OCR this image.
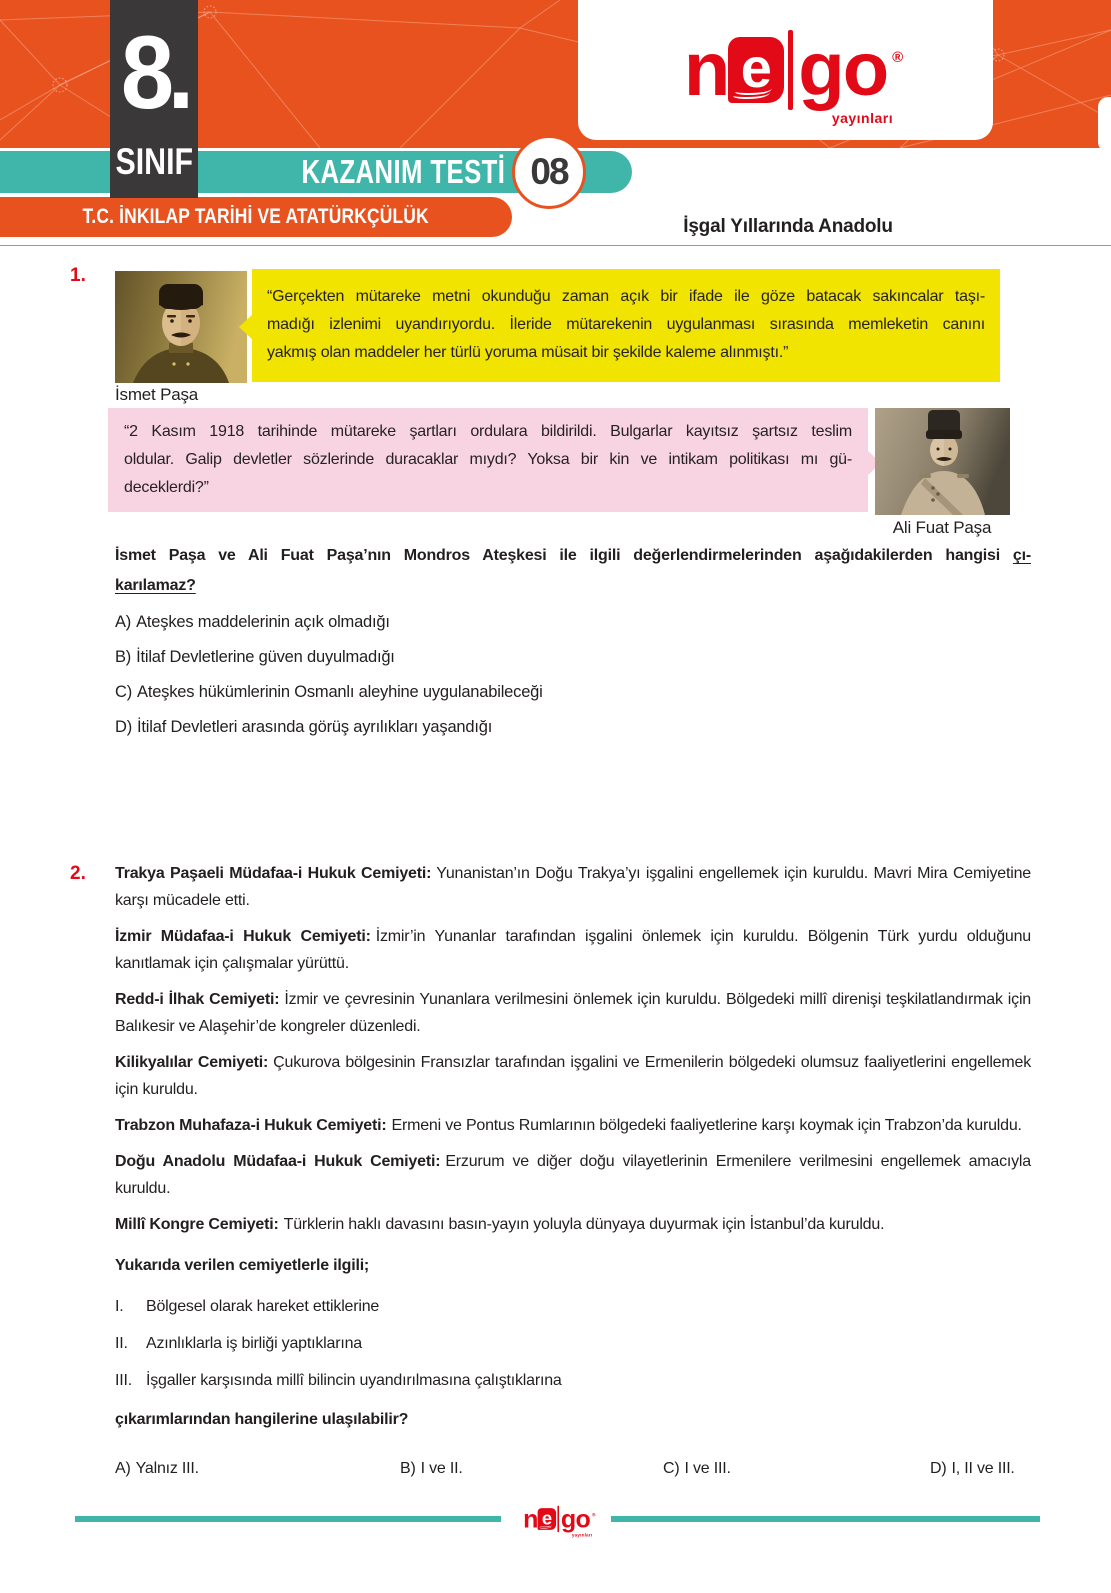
n e go ®
yayınları
8.
SINIF	KAZANIM TESTİ 08
T.C. İNKILAP TARİHİ VE ATATÜRKÇÜLÜK	İşgal Yıllarında Anadolu
1.
İsmet Paşa
“Gerçekten mütareke metni okunduğu zaman açık bir ifade ile göze batacak sakıncalar taşı-
madığı izlenimi uyandırıyordu. İleride mütarekenin uygulanması sırasında memleketin canını
yakmış olan maddeler her türlü yoruma müsait bir şekilde kaleme alınmıştı.”
“2 Kasım 1918 tarihinde mütareke şartları ordulara bildirildi. Bulgarlar kayıtsız şartsız teslim
oldular. Galip devletler sözlerinde duracaklar mıydı? Yoksa bir kin ve intikam politikası mı gü-
deceklerdi?”
Ali Fuat Paşa
İsmet Paşa ve Ali Fuat Paşa’nın Mondros Ateşkesi ile ilgili değerlendirmelerinden aşağıdakilerden hangisi çı-
karılamaz?
A) Ateşkes maddelerinin açık olmadığı
B) İtilaf Devletlerine güven duyulmadığı
C) Ateşkes hükümlerinin Osmanlı aleyhine uygulanabileceği
D) İtilaf Devletleri arasında görüş ayrılıkları yaşandığı
2. Trakya Paşaeli Müdafaa-i Hukuk Cemiyeti: Yunanistan’ın Doğu Trakya’yı işgalini engellemek için kuruldu. Mavri Mira Cemiyetine karşı mücadele etti.
İzmir Müdafaa-i Hukuk Cemiyeti: İzmir’in Yunanlar tarafından işgalini önlemek için kuruldu. Bölgenin Türk yurdu olduğunu kanıtlamak için çalışmalar yürüttü.
Redd-i İlhak Cemiyeti: İzmir ve çevresinin Yunanlara verilmesini önlemek için kuruldu. Bölgedeki millî direnişi teşkilatlandırmak için Balıkesir ve Alaşehir’de kongreler düzenledi.
Kilikyalılar Cemiyeti: Çukurova bölgesinin Fransızlar tarafından işgalini ve Ermenilerin bölgedeki olumsuz faaliyetlerini engellemek için kuruldu.
Trabzon Muhafaza-i Hukuk Cemiyeti: Ermeni ve Pontus Rumlarının bölgedeki faaliyetlerine karşı koymak için Trabzon’da kuruldu.
Doğu Anadolu Müdafaa-i Hukuk Cemiyeti: Erzurum ve diğer doğu vilayetlerinin Ermenilere verilmesini engellemek amacıyla kuruldu.
Millî Kongre Cemiyeti: Türklerin haklı davasını basın-yayın yoluyla dünyaya duyurmak için İstanbul’da kuruldu.
Yukarıda verilen cemiyetlerle ilgili;
I.	Bölgesel olarak hareket ettiklerine
II.	Azınlıklarla iş birliği yaptıklarına
III. İşgaller karşısında millî bilincin uyandırılmasına çalıştıklarına
çıkarımlarından hangilerine ulaşılabilir?
A) Yalnız III.	B) I ve II.	C) I ve III.	D) I, II ve III.
n e go ®
yayınları
